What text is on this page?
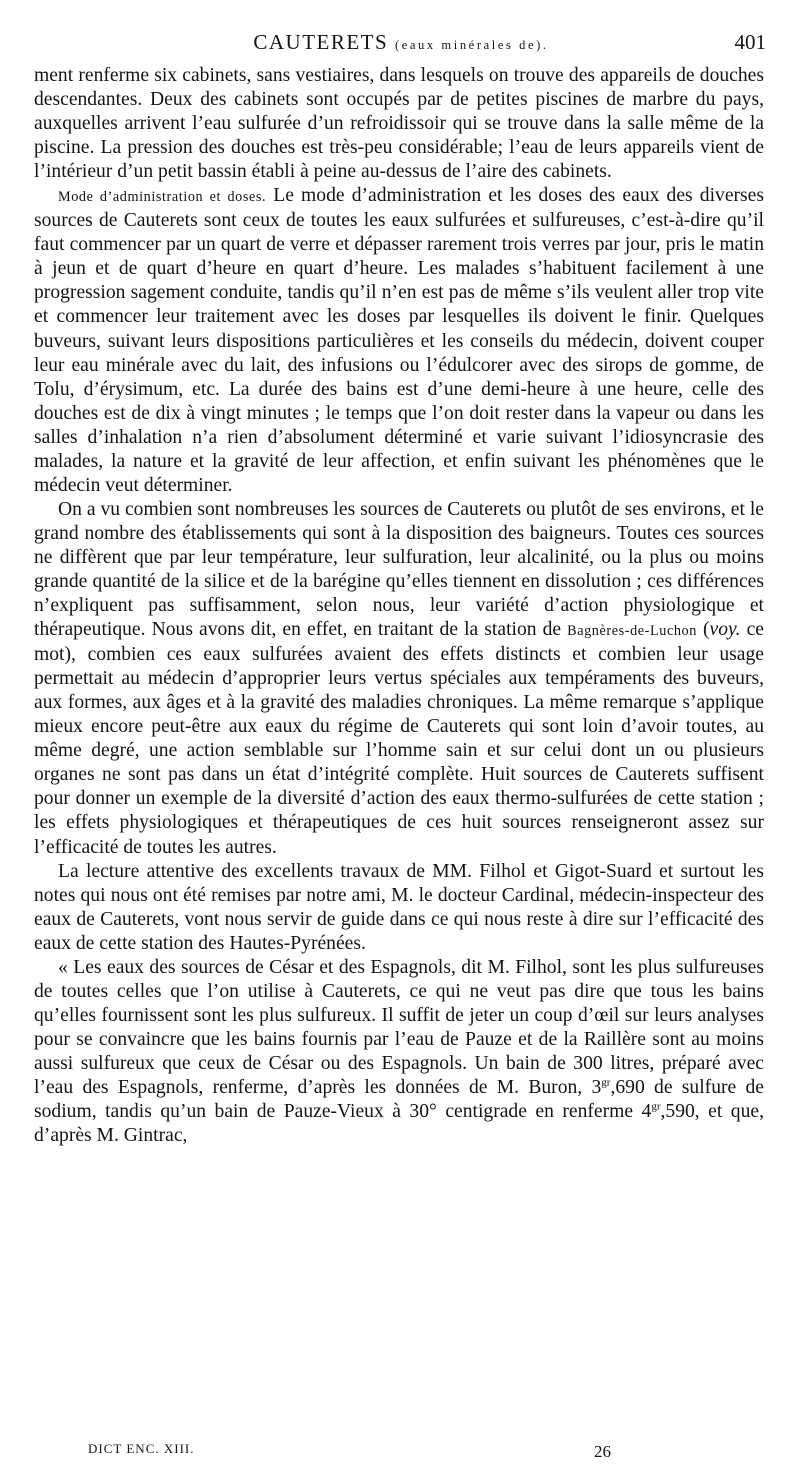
CAUTERETS (eaux minérales de).	401

ment renferme six cabinets, sans vestiaires, dans lesquels on trouve des appareils de douches descendantes. Deux des cabinets sont occupés par de petites piscines de marbre du pays, auxquelles arrivent l’eau sulfurée d’un refroidissoir qui se trouve dans la salle même de la piscine. La pression des douches est très-peu considérable; l’eau de leurs appareils vient de l’intérieur d’un petit bassin établi à peine au-dessus de l’aire des cabinets.

Mode d’administration et doses. Le mode d’administration et les doses des eaux des diverses sources de Cauterets sont ceux de toutes les eaux sulfurées et sulfureuses, c’est-à-dire qu’il faut commencer par un quart de verre et dépasser rarement trois verres par jour, pris le matin à jeun et de quart d’heure en quart d’heure. Les malades s’habituent facilement à une progression sagement conduite, tandis qu’il n’en est pas de même s’ils veulent aller trop vite et commencer leur traitement avec les doses par lesquelles ils doivent le finir. Quelques buveurs, suivant leurs dispositions particulières et les conseils du médecin, doivent couper leur eau minérale avec du lait, des infusions ou l’édulcorer avec des sirops de gomme, de Tolu, d’érysimum, etc. La durée des bains est d’une demi-heure à une heure, celle des douches est de dix à vingt minutes ; le temps que l’on doit rester dans la vapeur ou dans les salles d’inhalation n’a rien d’absolument déterminé et varie suivant l’idiosyncrasie des malades, la nature et la gravité de leur affection, et enfin suivant les phénomènes que le médecin veut déterminer.

On a vu combien sont nombreuses les sources de Cauterets ou plutôt de ses environs, et le grand nombre des établissements qui sont à la disposition des baigneurs. Toutes ces sources ne diffèrent que par leur température, leur sulfuration, leur alcalinité, ou la plus ou moins grande quantité de la silice et de la barégine qu’elles tiennent en dissolution ; ces différences n’expliquent pas suffisamment, selon nous, leur variété d’action physiologique et thérapeutique. Nous avons dit, en effet, en traitant de la station de Bagnères-de-Luchon (voy. ce mot), combien ces eaux sulfurées avaient des effets distincts et combien leur usage permettait au médecin d’approprier leurs vertus spéciales aux tempéraments des buveurs, aux formes, aux âges et à la gravité des maladies chroniques. La même remarque s’applique mieux encore peut-être aux eaux du régime de Cauterets qui sont loin d’avoir toutes, au même degré, une action semblable sur l’homme sain et sur celui dont un ou plusieurs organes ne sont pas dans un état d’intégrité complète. Huit sources de Cauterets suffisent pour donner un exemple de la diversité d’action des eaux thermo-sulfurées de cette station ; les effets physiologiques et thérapeutiques de ces huit sources renseigneront assez sur l’efficacité de toutes les autres.

La lecture attentive des excellents travaux de MM. Filhol et Gigot-Suard et surtout les notes qui nous ont été remises par notre ami, M. le docteur Cardinal, médecin-inspecteur des eaux de Cauterets, vont nous servir de guide dans ce qui nous reste à dire sur l’efficacité des eaux de cette station des Hautes-Pyrénées.

« Les eaux des sources de César et des Espagnols, dit M. Filhol, sont les plus sulfureuses de toutes celles que l’on utilise à Cauterets, ce qui ne veut pas dire que tous les bains qu’elles fournissent sont les plus sulfureux. Il suffit de jeter un coup d’œil sur leurs analyses pour se convaincre que les bains fournis par l’eau de Pauze et de la Raillère sont au moins aussi sulfureux que ceux de César ou des Espagnols. Un bain de 300 litres, préparé avec l’eau des Espagnols, renferme, d’après les données de M. Buron, $3^{gr},690$ de sulfure de sodium, tandis qu’un bain de Pauze-Vieux à 30° centigrade en renferme $4^{gr},590$, et que, d’après M. Gintrac,

DICT ENC. XIII.	26
